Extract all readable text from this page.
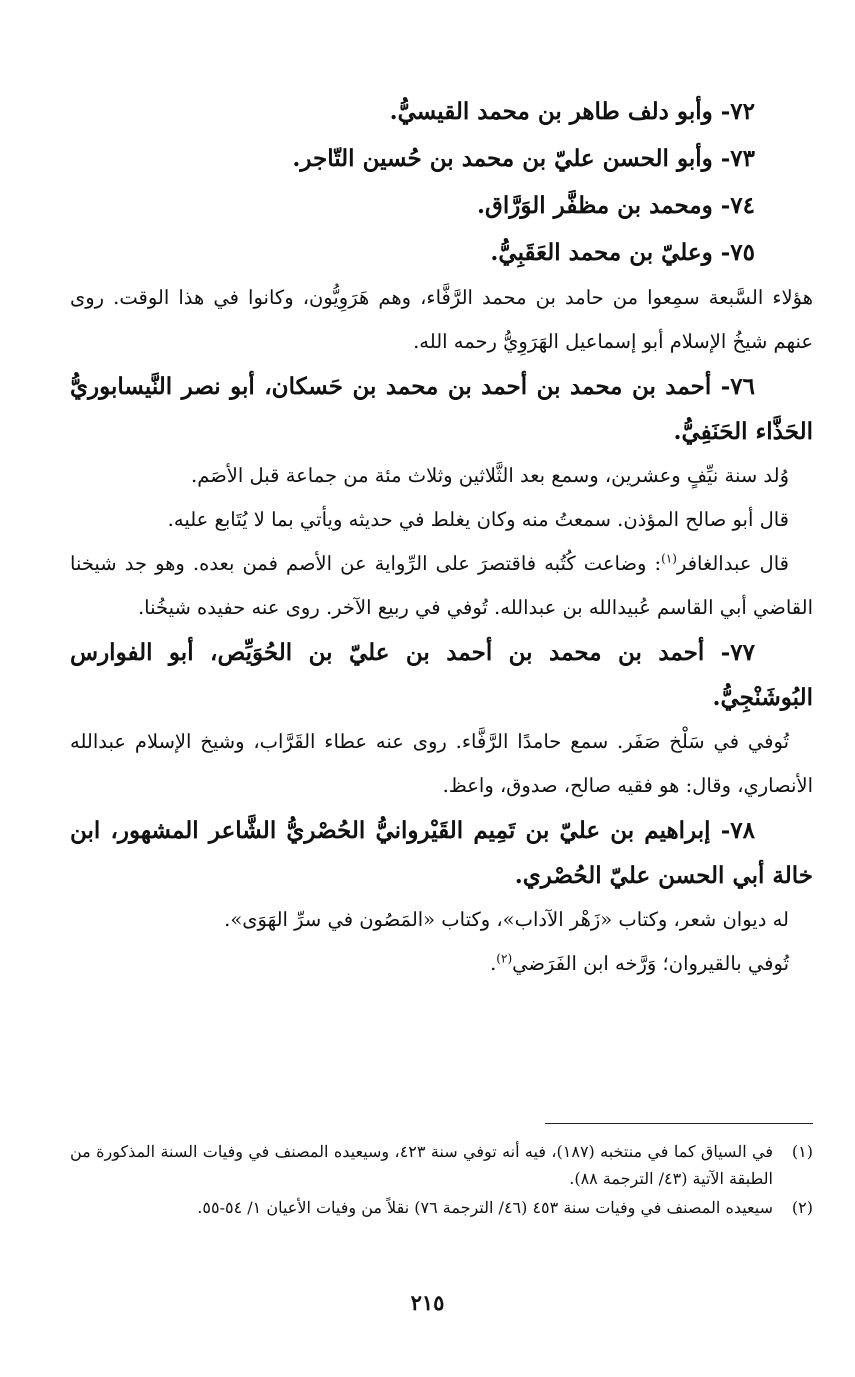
٧٢- وأبو دلف طاهر بن محمد القيسيُّ.

٧٣- وأبو الحسن عليّ بن محمد بن حُسين التّاجر.

٧٤- ومحمد بن مظفَّر الوَرَّاق.

٧٥- وعليّ بن محمد العَقَبِيُّ.

هؤلاء السَّبعة سمِعوا من حامد بن محمد الرَّفَّاء، وهم هَرَوِيُّون، وكانوا في هذا الوقت. روى عنهم شيخُ الإسلام أبو إسماعيل الهَرَوِيُّ رحمه الله.

٧٦- أحمد بن محمد بن أحمد بن محمد بن حَسكان، أبو نصر النَّيسابوريُّ الحَذَّاء الحَنَفِيُّ.

وُلد سنة نيِّفٍ وعشرين، وسمع بعد الثَّلاثين وثلاث مئة من جماعة قبل الأصَم.

قال أبو صالح المؤذن. سمعتُ منه وكان يغلط في حديثه ويأتي بما لا يُتَابع عليه.

قال عبدالغافر$^{(١)}$: وضاعت كُتُبه فاقتصرَ على الرِّواية عن الأصم فمن بعده. وهو جد شيخنا القاضي أبي القاسم عُبيدالله بن عبدالله. تُوفي في ربيع الآخر. روى عنه حفيده شيخُنا.

٧٧- أحمد بن محمد بن أحمد بن عليّ بن الحُوَيِّص، أبو الفوارس البُوشَنْجِيُّ.

تُوفي في سَلْخ صَفَر. سمع حامدًا الرَّفَّاء. روى عنه عطاء القَرَّاب، وشيخ الإسلام عبدالله الأنصاري، وقال: هو فقيه صالح، صدوق، واعظ.

٧٨- إبراهيم بن عليّ بن تَمِيم القَيْروانيُّ الحُصْريُّ الشَّاعر المشهور، ابن خالة أبي الحسن عليّ الحُصْري.

له ديوان شعر، وكتاب «زَهْر الآداب»، وكتاب «المَصُون في سرِّ الهَوَى».

تُوفي بالقيروان؛ وَرَّخه ابن الفَرَضي$^{(٢)}$.

(١)
في السياق كما في منتخبه (١٨٧)، فيه أنه توفي سنة ٤٢٣، وسيعيده المصنف في وفيات السنة المذكورة من الطبقة الآتية (٤٣/ الترجمة ٨٨).
(٢)
سيعيده المصنف في وفيات سنة ٤٥٣ (٤٦/ الترجمة ٧٦) نقلاً من وفيات الأعيان ١/ ٥٤-٥٥.
٢١٥
